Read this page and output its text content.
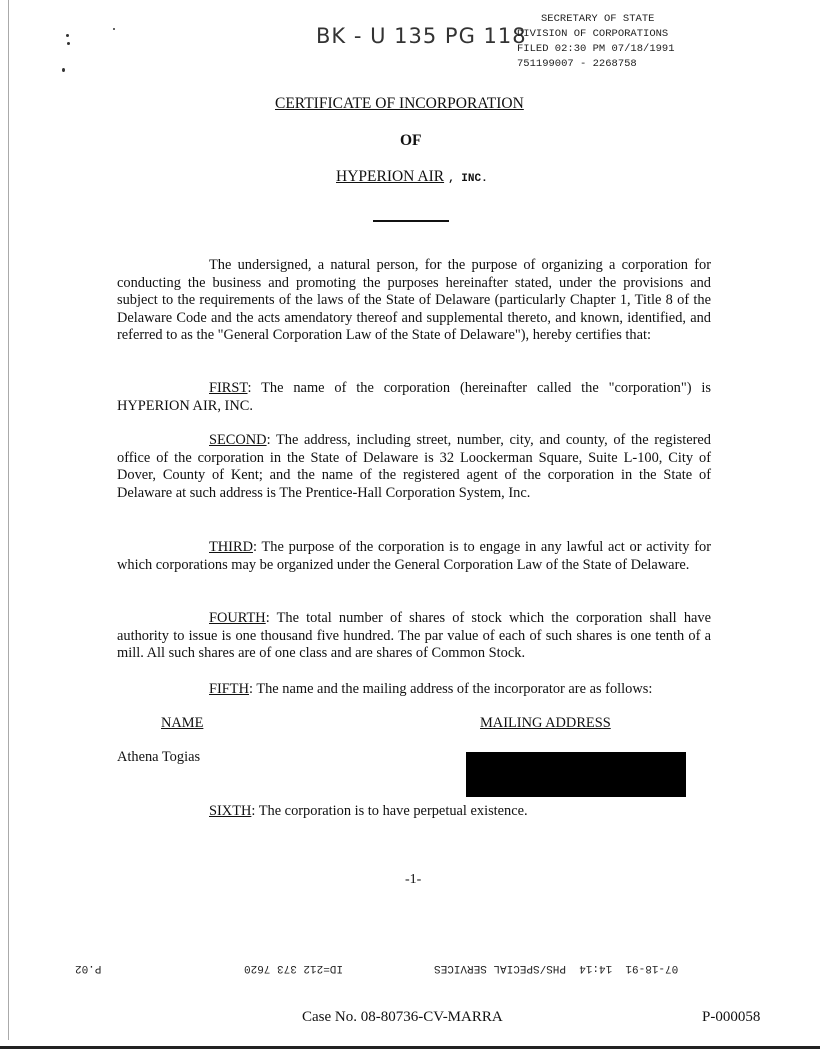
BK - U 135 PG 118
SECRETARY OF STATE
DIVISION OF CORPORATIONS
FILED 02:30 PM 07/18/1991
751199007 - 2268758
CERTIFICATE OF INCORPORATION
OF
HYPERION AIR , INC.
The undersigned, a natural person, for the purpose of organizing a corporation for conducting the business and promoting the purposes hereinafter stated, under the provisions and subject to the requirements of the laws of the State of Delaware (particularly Chapter 1, Title 8 of the Delaware Code and the acts amendatory thereof and supplemental thereto, and known, identified, and referred to as the "General Corporation Law of the State of Delaware"), hereby certifies that:
FIRST: The name of the corporation (hereinafter called the "corporation") is HYPERION AIR, INC.
SECOND: The address, including street, number, city, and county, of the registered office of the corporation in the State of Delaware is 32 Loockerman Square, Suite L-100, City of Dover, County of Kent; and the name of the registered agent of the corporation in the State of Delaware at such address is The Prentice-Hall Corporation System, Inc.
THIRD: The purpose of the corporation is to engage in any lawful act or activity for which corporations may be organized under the General Corporation Law of the State of Delaware.
FOURTH: The total number of shares of stock which the corporation shall have authority to issue is one thousand five hundred. The par value of each of such shares is one tenth of a mill. All such shares are of one class and are shares of Common Stock.
FIFTH: The name and the mailing address of the incorporator are as follows:
NAME	MAILING ADDRESS
Athena Togias
SIXTH: The corporation is to have perpetual existence.
-1-
07-18-91  14:14  PHS/SPECIAL SERVICES
ID=212 373 7620
P.02
Case No. 08-80736-CV-MARRA	P-000058
